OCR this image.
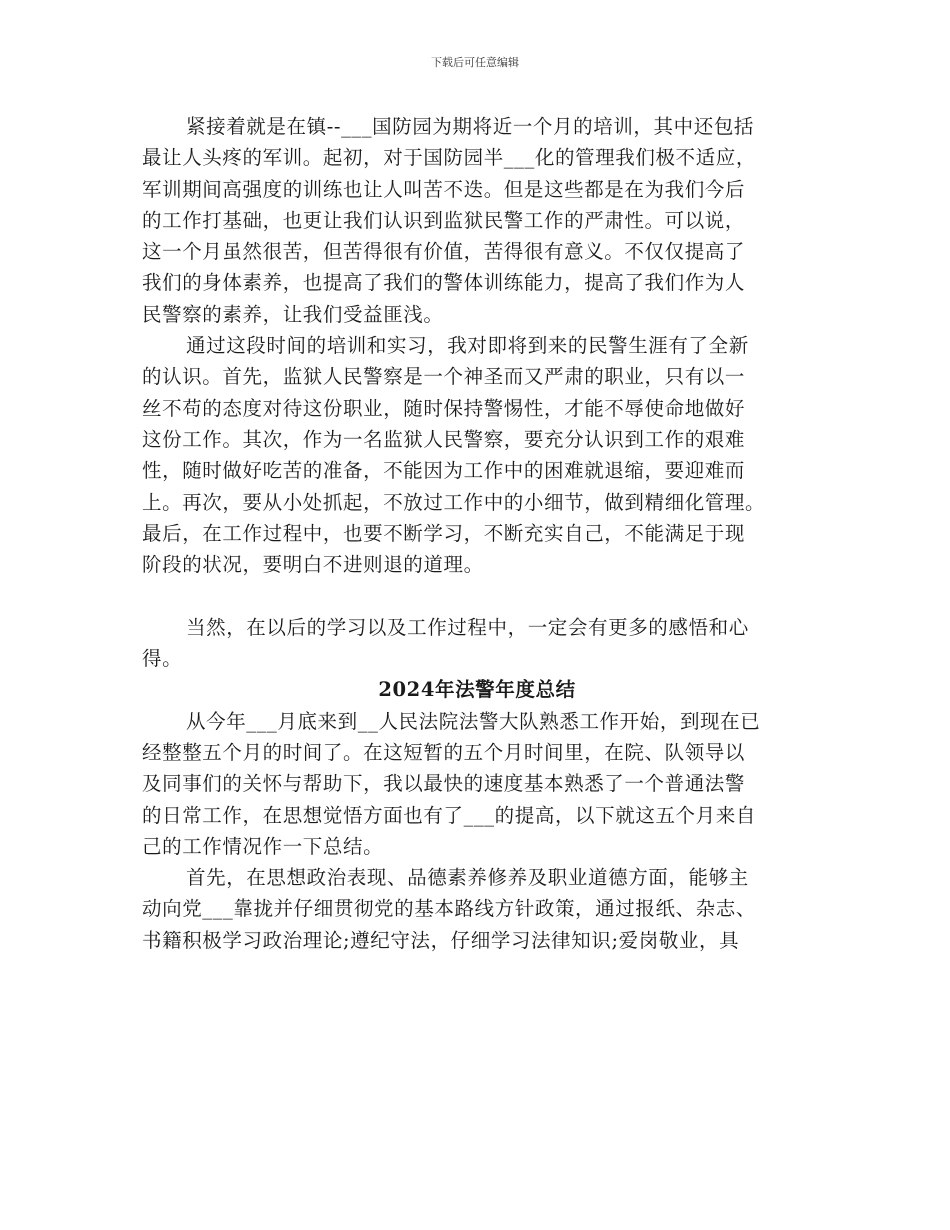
下载后可任意编辑
紧接着就是在镇--___国防园为期将近一个月的培训，其中还包括
最让人头疼的军训。起初，对于国防园半___化的管理我们极不适应，
军训期间高强度的训练也让人叫苦不迭。但是这些都是在为我们今后
的工作打基础，也更让我们认识到监狱民警工作的严肃性。可以说，
这一个月虽然很苦，但苦得很有价值，苦得很有意义。不仅仅提高了
我们的身体素养，也提高了我们的警体训练能力，提高了我们作为人
民警察的素养，让我们受益匪浅。
通过这段时间的培训和实习，我对即将到来的民警生涯有了全新
的认识。首先，监狱人民警察是一个神圣而又严肃的职业，只有以一
丝不苟的态度对待这份职业，随时保持警惕性，才能不辱使命地做好
这份工作。其次，作为一名监狱人民警察，要充分认识到工作的艰难
性，随时做好吃苦的准备，不能因为工作中的困难就退缩，要迎难而
上。再次，要从小处抓起，不放过工作中的小细节，做到精细化管理。
最后，在工作过程中，也要不断学习，不断充实自己，不能满足于现
阶段的状况，要明白不进则退的道理。
当然，在以后的学习以及工作过程中，一定会有更多的感悟和心
得。
2024年法警年度总结
从今年___月底来到__人民法院法警大队熟悉工作开始，到现在已
经整整五个月的时间了。在这短暂的五个月时间里，在院、队领导以
及同事们的关怀与帮助下，我以最快的速度基本熟悉了一个普通法警
的日常工作，在思想觉悟方面也有了___的提高，以下就这五个月来自
己的工作情况作一下总结。
首先，在思想政治表现、品德素养修养及职业道德方面，能够主
动向党___靠拢并仔细贯彻党的基本路线方针政策，通过报纸、杂志、
书籍积极学习政治理论;遵纪守法，仔细学习法律知识;爱岗敬业，具
